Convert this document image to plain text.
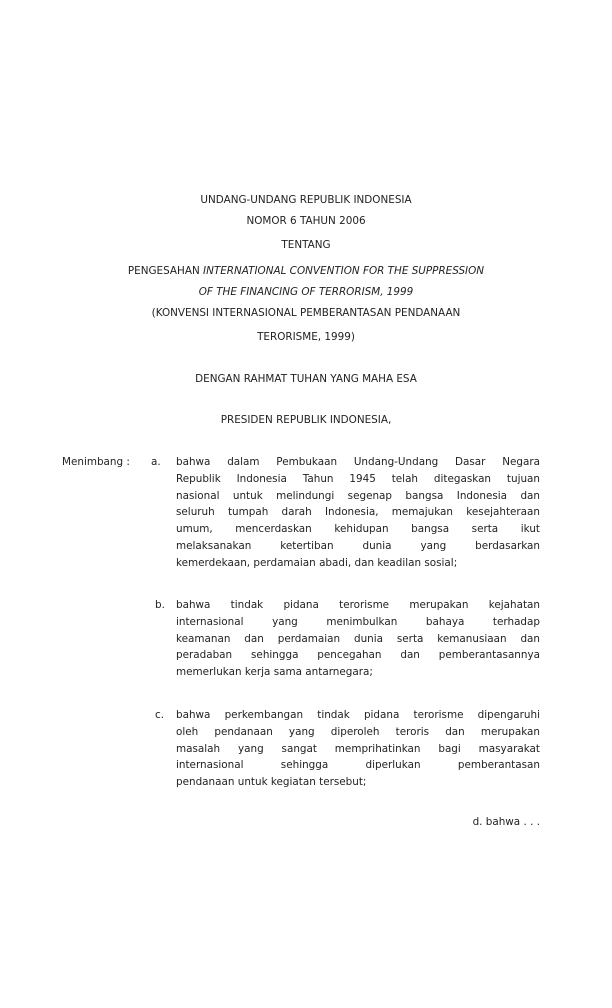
UNDANG-UNDANG REPUBLIK INDONESIA
NOMOR 6 TAHUN 2006
TENTANG
PENGESAHAN INTERNATIONAL CONVENTION FOR THE SUPPRESSION
OF THE FINANCING OF TERRORISM, 1999
(KONVENSI INTERNASIONAL PEMBERANTASAN PENDANAAN
TERORISME, 1999)
DENGAN RAHMAT TUHAN YANG MAHA ESA
PRESIDEN REPUBLIK INDONESIA,
Menimbang : a. bahwa dalam Pembukaan Undang-Undang Dasar Negara
Republik Indonesia Tahun 1945 telah ditegaskan tujuan
nasional untuk melindungi segenap bangsa Indonesia dan
seluruh tumpah darah Indonesia, memajukan kesejahteraan
umum, mencerdaskan kehidupan bangsa serta ikut
melaksanakan ketertiban dunia yang berdasarkan
kemerdekaan, perdamaian abadi, dan keadilan sosial;
b. bahwa tindak pidana terorisme merupakan kejahatan
internasional yang menimbulkan bahaya terhadap
keamanan dan perdamaian dunia serta kemanusiaan dan
peradaban sehingga pencegahan dan pemberantasannya
memerlukan kerja sama antarnegara;
c. bahwa perkembangan tindak pidana terorisme dipengaruhi
oleh pendanaan yang diperoleh teroris dan merupakan
masalah yang sangat memprihatinkan bagi masyarakat
internasional sehingga diperlukan pemberantasan
pendanaan untuk kegiatan tersebut;
d. bahwa . . .
